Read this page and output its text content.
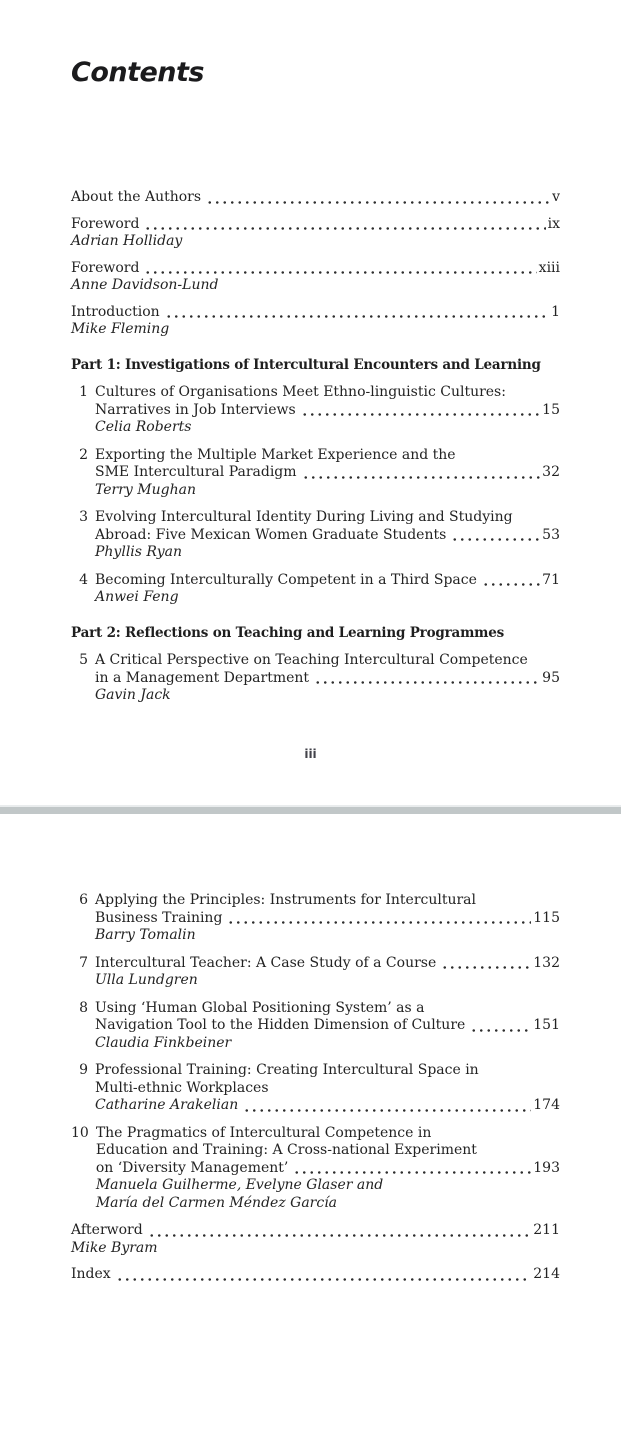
Contents
About the Authors	v
Foreword	ix
Adrian Holliday
Foreword	xiii
Anne Davidson-Lund
Introduction	1
Mike Fleming
Part 1: Investigations of Intercultural Encounters and Learning
1 Cultures of Organisations Meet Ethno-linguistic Cultures:
Narratives in Job Interviews	15
Celia Roberts
2 Exporting the Multiple Market Experience and the
SME Intercultural Paradigm	32
Terry Mughan
3 Evolving Intercultural Identity During Living and Studying
Abroad: Five Mexican Women Graduate Students	53
Phyllis Ryan
4 Becoming Interculturally Competent in a Third Space	71
Anwei Feng
Part 2: Reflections on Teaching and Learning Programmes
5 A Critical Perspective on Teaching Intercultural Competence
in a Management Department	95
Gavin Jack
iii
6 Applying the Principles: Instruments for Intercultural
Business Training	115
Barry Tomalin
7 Intercultural Teacher: A Case Study of a Course	132
Ulla Lundgren
8 Using ‘Human Global Positioning System’ as a
Navigation Tool to the Hidden Dimension of Culture	151
Claudia Finkbeiner
9 Professional Training: Creating Intercultural Space in
Multi-ethnic Workplaces
Catharine Arakelian	174
10 The Pragmatics of Intercultural Competence in
Education and Training: A Cross-national Experiment
on ‘Diversity Management’	193
Manuela Guilherme, Evelyne Glaser and
María del Carmen Méndez García
Afterword	211
Mike Byram
Index	214
